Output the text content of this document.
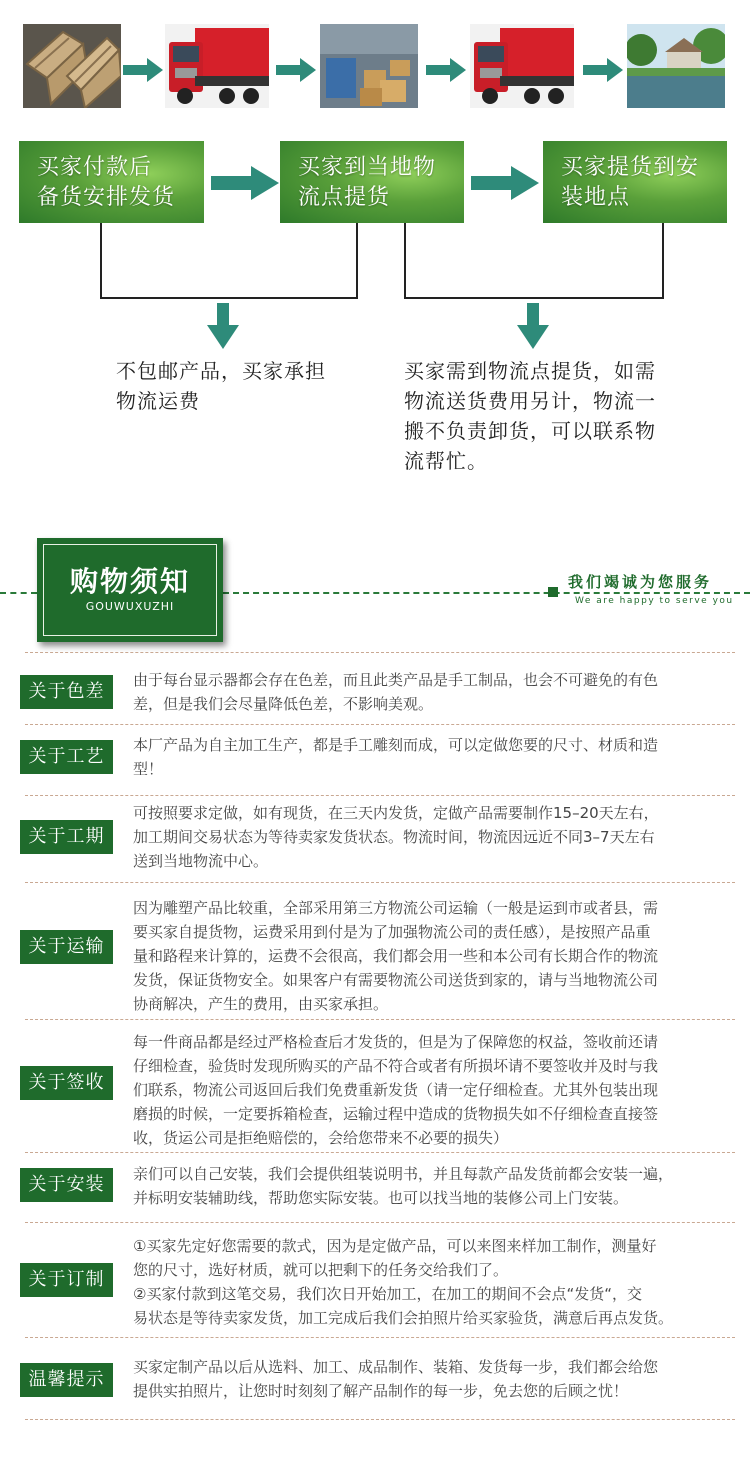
买家付款后
备货安排发货
买家到当地物
流点提货
买家提货到安
装地点
不包邮产品，买家承担
物流运费
买家需到物流点提货，如需
物流送货费用另计，物流一
搬不负责卸货，可以联系物
流帮忙。
购物须知
GOUWUXUZHI
我们竭诚为您服务
We are happy to serve you
关于色差
由于每台显示器都会存在色差，而且此类产品是手工制品，也会不可避免的有色
差，但是我们会尽量降低色差，不影响美观。
关于工艺
本厂产品为自主加工生产，都是手工雕刻而成，可以定做您要的尺寸、材质和造
型！
关于工期
可按照要求定做，如有现货，在三天内发货，定做产品需要制作15–20天左右，
加工期间交易状态为等待卖家发货状态。物流时间，物流因远近不同3–7天左右
送到当地物流中心。
关于运输
因为雕塑产品比较重，全部采用第三方物流公司运输（一般是运到市或者县，需
要买家自提货物，运费采用到付是为了加强物流公司的责任感），是按照产品重
量和路程来计算的，运费不会很高，我们都会用一些和本公司有长期合作的物流
发货，保证货物安全。如果客户有需要物流公司送货到家的，请与当地物流公司
协商解决，产生的费用，由买家承担。
关于签收
每一件商品都是经过严格检查后才发货的，但是为了保障您的权益，签收前还请
仔细检查，验货时发现所购买的产品不符合或者有所损坏请不要签收并及时与我
们联系，物流公司返回后我们免费重新发货（请一定仔细检查。尤其外包装出现
磨损的时候，一定要拆箱检查，运输过程中造成的货物损失如不仔细检查直接签
收，货运公司是拒绝赔偿的，会给您带来不必要的损失）
关于安装	亲们可以自己安装，我们会提供组装说明书，并且每款产品发货前都会安装一遍，
并标明安装辅助线，帮助您实际安装。也可以找当地的装修公司上门安装。
关于订制
①买家先定好您需要的款式，因为是定做产品，可以来图来样加工制作，测量好
您的尺寸，选好材质，就可以把剩下的任务交给我们了。
②买家付款到这笔交易，我们次日开始加工，在加工的期间不会点“发货“，交
易状态是等待卖家发货，加工完成后我们会拍照片给买家验货，满意后再点发货。
温馨提示
买家定制产品以后从选料、加工、成品制作、装箱、发货每一步，我们都会给您
提供实拍照片，让您时时刻刻了解产品制作的每一步，免去您的后顾之忧！
